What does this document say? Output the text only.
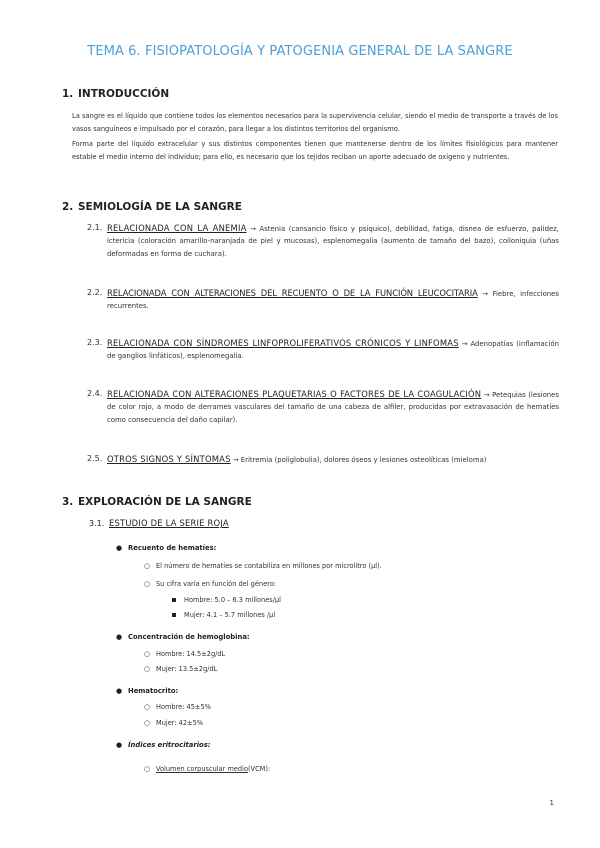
TEMA 6. FISIOPATOLOGÍA Y PATOGENIA GENERAL DE LA SANGRE
1. INTRODUCCIÓN
La sangre es el líquido que contiene todos los elementos necesarios para la supervivencia celular, siendo el medio de transporte a través de los vasos sanguíneos e impulsado por el corazón, para llegar a los distintos territorios del organismo.
Forma parte del líquido extracelular y sus distintos componentes tienen que mantenerse dentro de los límites fisiológicos para mantener estable el medio interno del individuo; para ello, es necesario que los tejidos reciban un aporte adecuado de oxígeno y nutrientes.
2. SEMIOLOGÍA DE LA SANGRE
2.1. RELACIONADA CON LA ANEMIA → Astenia (cansancio físico y psíquico), debilidad, fatiga, disnea de esfuerzo, palidez, ictericia (coloración amarillo-naranjada de piel y mucosas), esplenomegalia (aumento de tamaño del bazo), coiloniquia (uñas deformadas en forma de cuchara).
2.2. RELACIONADA CON ALTERACIONES DEL RECUENTO O DE LA FUNCIÓN LEUCOCITARIA → Fiebre, infecciones recurrentes.
2.3. RELACIONADA CON SÍNDROMES LINFOPROLIFERATIVOS CRÓNICOS Y LINFOMAS → Adenopatías (inflamación de ganglios linfáticos), esplenomegalia.
2.4. RELACIONADA CON ALTERACIONES PLAQUETARIAS O FACTORES DE LA COAGULACIÓN → Petequias (lesiones de color rojo, a modo de derrames vasculares del tamaño de una cabeza de alfiler, producidas por extravasación de hematíes como consecuencia del daño capilar).
2.5. OTROS SIGNOS Y SÍNTOMAS → Eritremia (poliglobulia), dolores óseos y lesiones osteolíticas (mieloma)
3. EXPLORACIÓN DE LA SANGRE
3.1. ESTUDIO DE LA SERIE ROJA
● Recuento de hematíes:
○ El número de hematíes se contabiliza en millones por microlitro (µl).
○ Su cifra varía en función del género:
Hombre: 5.0 – 6.3 millones/µl
Mujer: 4.1 – 5.7 millones /µl
● Concentración de hemoglobina:
○ Hombre: 14.5±2g/dL
○ Mujer: 13.5±2g/dL
● Hematocrito:
○ Hombre: 45±5%
○ Mujer: 42±5%
● Índices eritrocitarios:
○ Volumen corpuscular medio(VCM):
1
